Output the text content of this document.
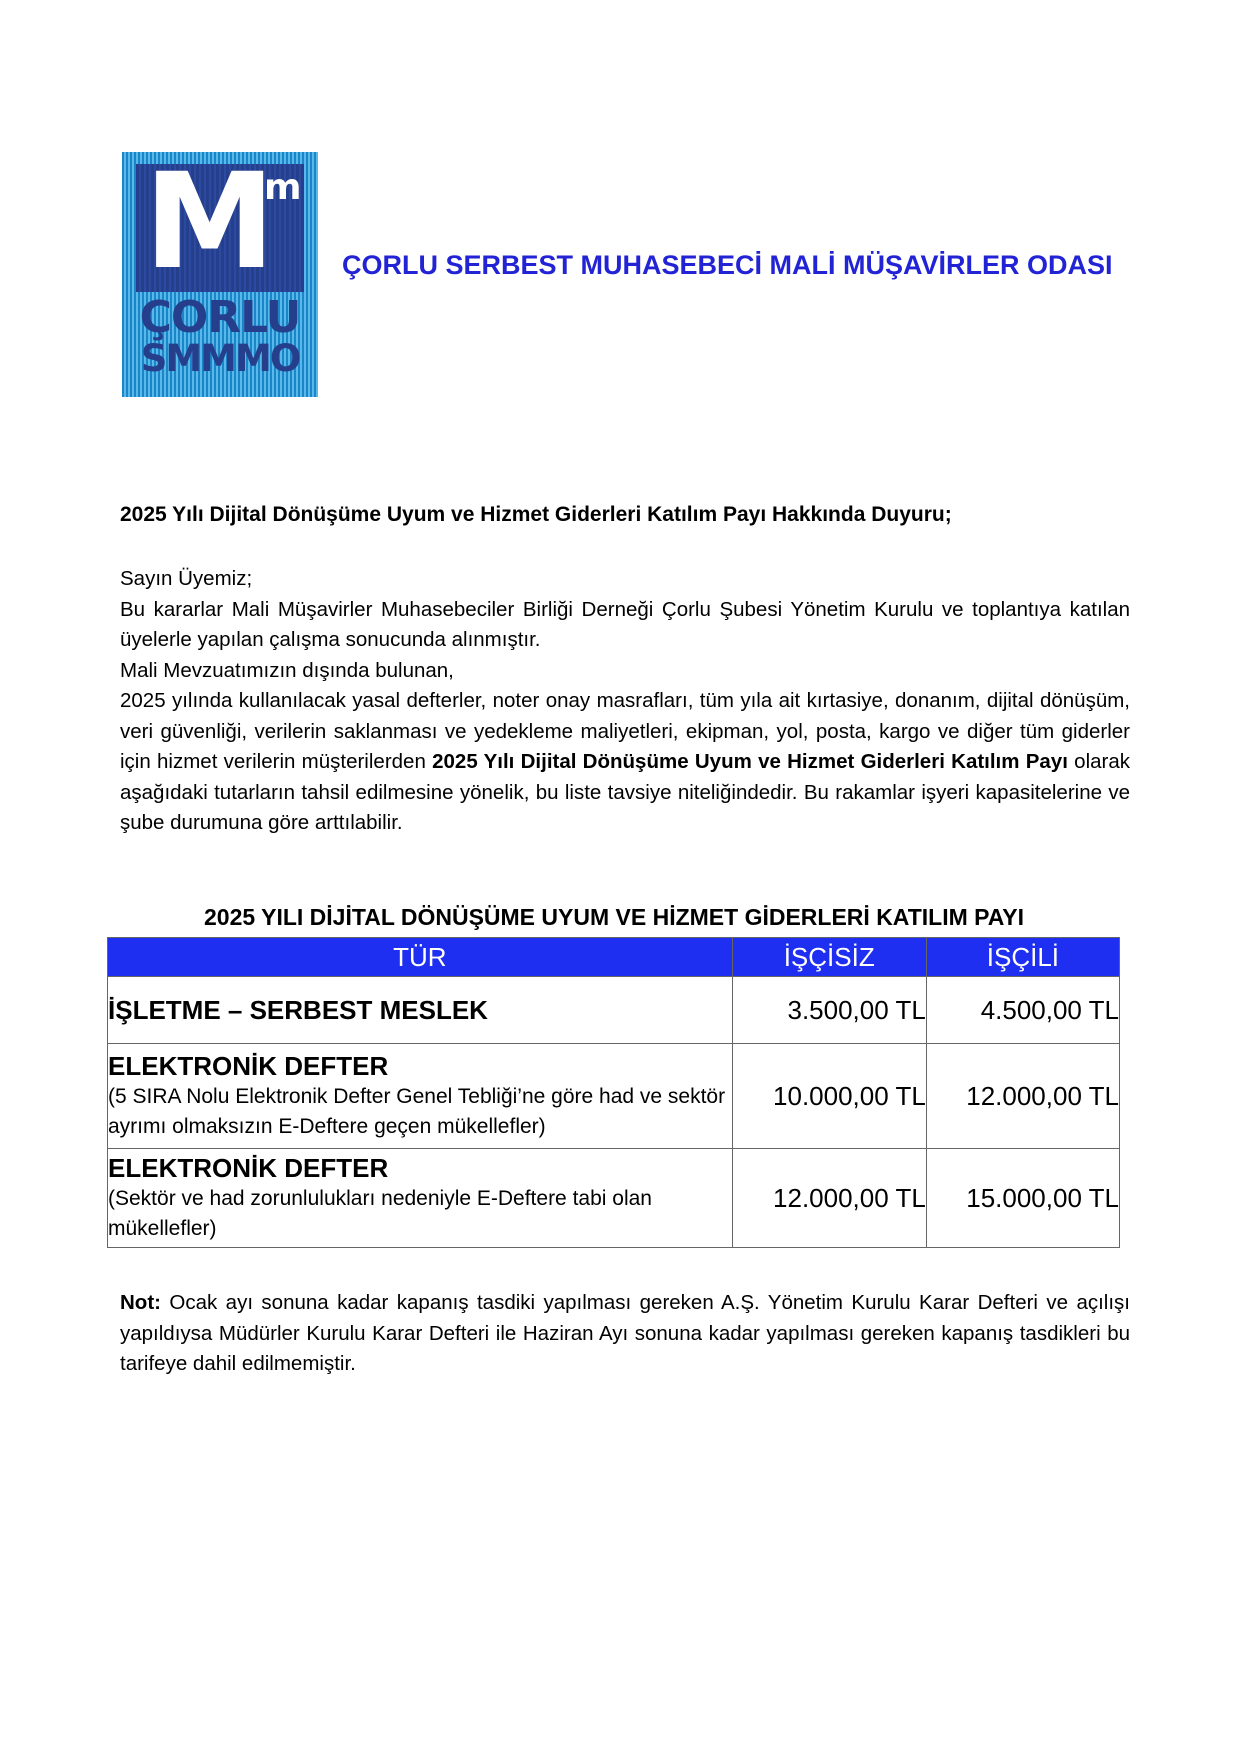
M
m
ÇORLU
SMMMO
ÇORLU SERBEST MUHASEBECİ MALİ MÜŞAVİRLER ODASI
2025 Yılı Dijital Dönüşüme Uyum ve Hizmet Giderleri Katılım Payı Hakkında Duyuru;

Sayın Üyemiz;

Bu kararlar Mali Müşavirler Muhasebeciler Birliği Derneği Çorlu Şubesi Yönetim Kurulu ve toplantıya katılan üyelerle yapılan çalışma sonucunda alınmıştır.

Mali Mevzuatımızın dışında bulunan,

2025 yılında kullanılacak yasal defterler, noter onay masrafları, tüm yıla ait kırtasiye, donanım, dijital dönüşüm, veri güvenliği, verilerin saklanması ve yedekleme maliyetleri, ekipman, yol, posta, kargo ve diğer tüm giderler için hizmet verilerin müşterilerden 2025 Yılı Dijital Dönüşüme Uyum ve Hizmet Giderleri Katılım Payı olarak aşağıdaki tutarların tahsil edilmesine yönelik, bu liste tavsiye niteliğindedir. Bu rakamlar işyeri kapasitelerine ve şube durumuna göre arttılabilir.

2025 YILI DİJİTAL DÖNÜŞÜME UYUM VE HİZMET GİDERLERİ KATILIM PAYI
TÜR	İŞÇİSİZ	İŞÇİLİ

İŞLETME – SERBEST MESLEK	3.500,00 TL	4.500,00 TL

ELEKTRONİK DEFTER
(5 SIRA Nolu Elektronik Defter Genel Tebliği’ne göre had ve sektör ayrımı olmaksızın E-Deftere geçen mükellefler)	10.000,00 TL	12.000,00 TL

ELEKTRONİK DEFTER
(Sektör ve had zorunlulukları nedeniyle E-Deftere tabi olan mükellefler)	12.000,00 TL	15.000,00 TL

Not: Ocak ayı sonuna kadar kapanış tasdiki yapılması gereken A.Ş. Yönetim Kurulu Karar Defteri ve açılışı yapıldıysa Müdürler Kurulu Karar Defteri ile Haziran Ayı sonuna kadar yapılması gereken kapanış tasdikleri bu tarifeye dahil edilmemiştir.
